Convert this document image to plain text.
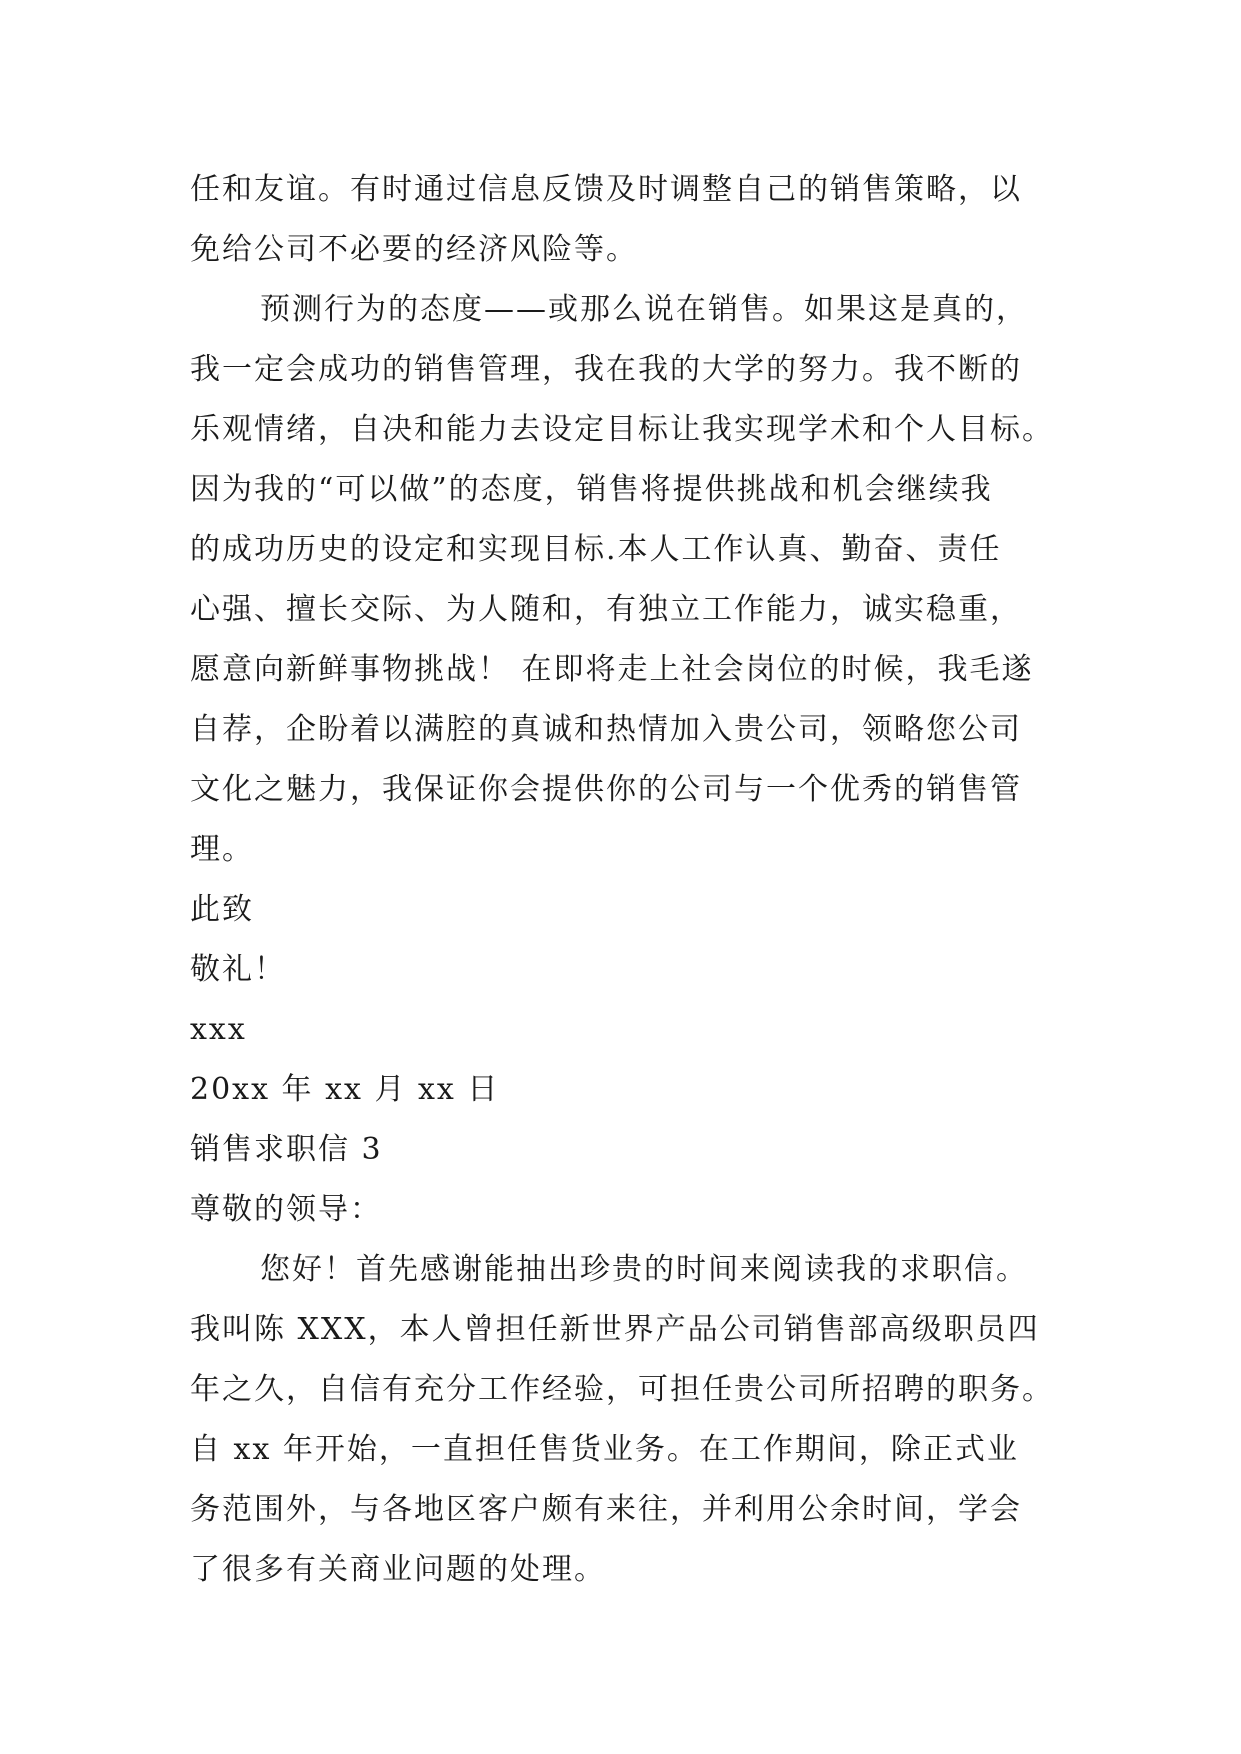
任和友谊。有时通过信息反馈及时调整自己的销售策略，以
免给公司不必要的经济风险等。
预测行为的态度——或那么说在销售。如果这是真的，
我一定会成功的销售管理，我在我的大学的努力。我不断的
乐观情绪，自决和能力去设定目标让我实现学术和个人目标。
因为我的“可以做”的态度，销售将提供挑战和机会继续我
的成功历史的设定和实现目标.本人工作认真、勤奋、责任
心强、擅长交际、为人随和，有独立工作能力，诚实稳重，
愿意向新鲜事物挑战！ 在即将走上社会岗位的时候，我毛遂
自荐，企盼着以满腔的真诚和热情加入贵公司，领略您公司
文化之魅力，我保证你会提供你的公司与一个优秀的销售管
理。
此致
敬礼！
xxx
20xx 年 xx 月 xx 日
销售求职信 3
尊敬的领导：
您好！首先感谢能抽出珍贵的时间来阅读我的求职信。
我叫陈 XXX，本人曾担任新世界产品公司销售部高级职员四
年之久，自信有充分工作经验，可担任贵公司所招聘的职务。
自 xx 年开始，一直担任售货业务。在工作期间，除正式业
务范围外，与各地区客户颇有来往，并利用公余时间，学会
了很多有关商业问题的处理。
